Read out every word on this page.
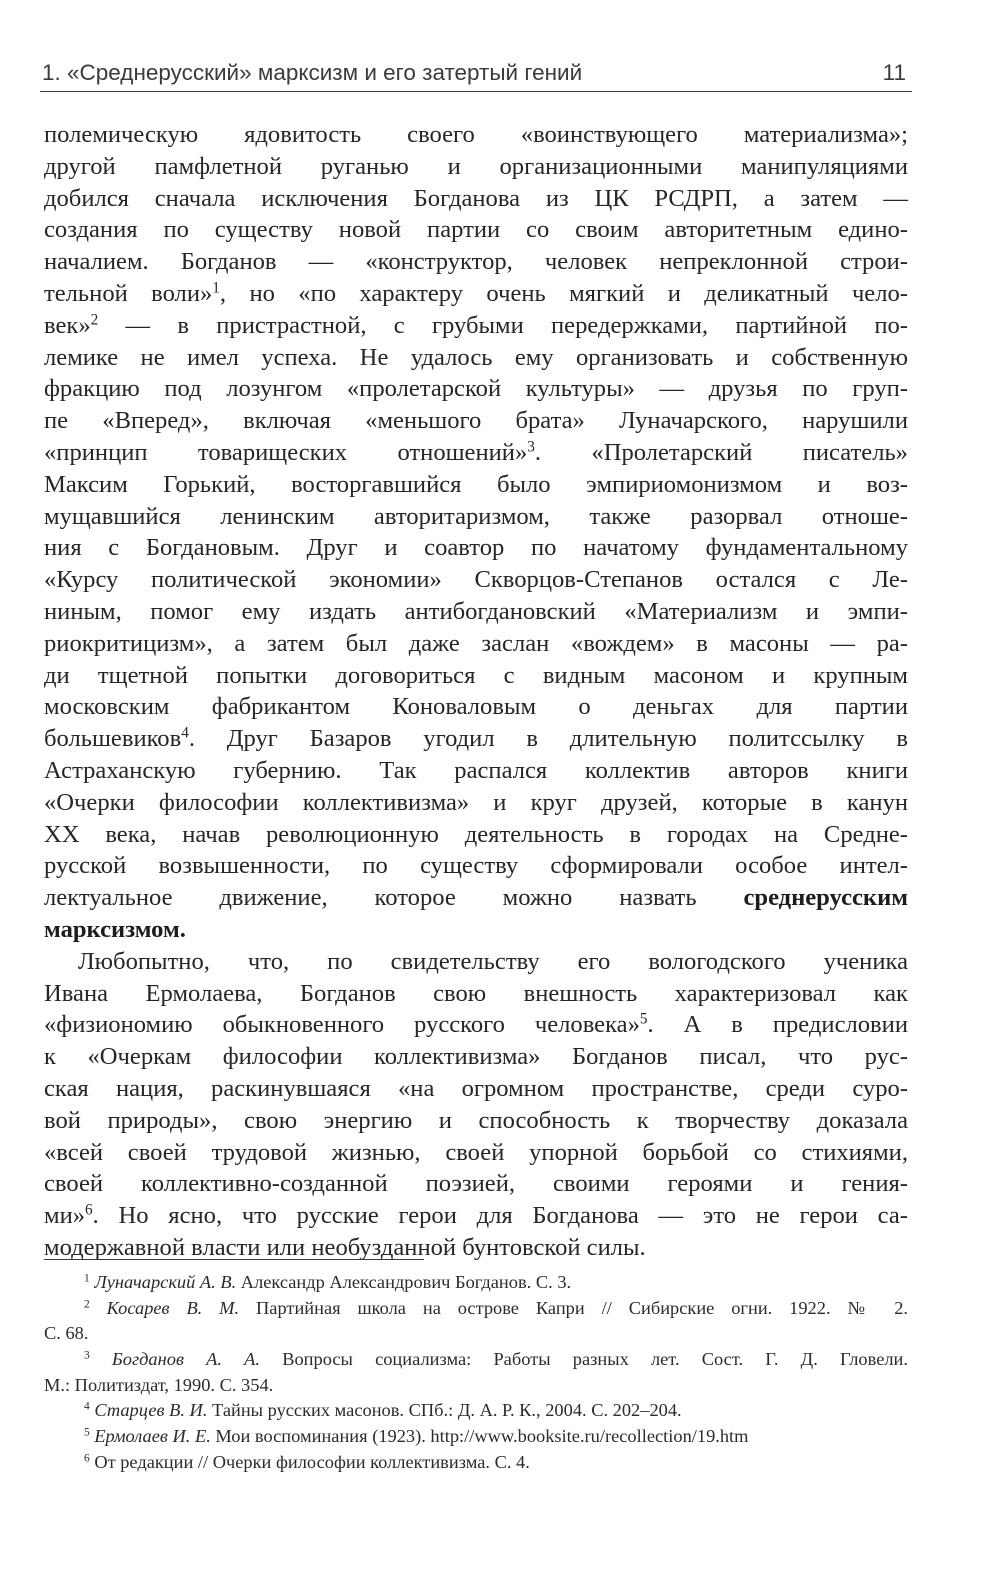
1. «Среднерусский» марксизм и его затертый гений	11
полемическую ядовитость своего «воинствующего материализма»;
другой памфлетной руганью и организационными манипуляциями
добился сначала исключения Богданова из ЦК РСДРП, а затем —
создания по существу новой партии со своим авторитетным едино-
началием. Богданов — «конструктор, человек непреклонной строи-
тельной воли»$^1$, но «по характеру очень мягкий и деликатный чело-
век»$^2$ — в пристрастной, с грубыми передержками, партийной по-
лемике не имел успеха. Не удалось ему организовать и собственную
фракцию под лозунгом «пролетарской культуры» — друзья по груп-
пе «Вперед», включая «меньшого брата» Луначарского, нарушили
«принцип товарищеских отношений»$^3$. «Пролетарский писатель»
Максим Горький, восторгавшийся было эмпириомонизмом и воз-
мущавшийся ленинским авторитаризмом, также разорвал отноше-
ния с Богдановым. Друг и соавтор по начатому фундаментальному
«Курсу политической экономии» Скворцов-Степанов остался с Ле-
ниным, помог ему издать антибогдановский «Материализм и эмпи-
риокритицизм», а затем был даже заслан «вождем» в масоны — ра-
ди тщетной попытки договориться с видным масоном и крупным
московским фабрикантом Коноваловым о деньгах для партии
большевиков$^4$. Друг Базаров угодил в длительную политссылку в
Астраханскую губернию. Так распался коллектив авторов книги
«Очерки философии коллективизма» и круг друзей, которые в канун
XX века, начав революционную деятельность в городах на Средне-
русской возвышенности, по существу сформировали особое интел-
лектуальное движение, которое можно назвать среднерусским
марксизмом.
Любопытно, что, по свидетельству его вологодского ученика
Ивана Ермолаева, Богданов свою внешность характеризовал как
«физиономию обыкновенного русского человека»$^5$. А в предисловии
к «Очеркам философии коллективизма» Богданов писал, что рус-
ская нация, раскинувшаяся «на огромном пространстве, среди суро-
вой природы», свою энергию и способность к творчеству доказала
«всей своей трудовой жизнью, своей упорной борьбой со стихиями,
своей коллективно-созданной поэзией, своими героями и гения-
ми»$^6$. Но ясно, что русские герои для Богданова — это не герои са-
модержавной власти или необузданной бунтовской силы.
$^1$ Луначарский А. В. Александр Александрович Богданов. С. 3.
$^2$ Косарев В. М. Партийная школа на острове Капри // Сибирские огни. 1922. № 2.
С. 68.
$^3$ Богданов А. А. Вопросы социализма: Работы разных лет. Сост. Г. Д. Гловели.
М.: Политиздат, 1990. С. 354.
$^4$ Старцев В. И. Тайны русских масонов. СПб.: Д. А. Р. К., 2004. С. 202–204.
$^5$ Ермолаев И. Е. Мои воспоминания (1923). http://www.booksite.ru/recollection/19.htm
$^6$ От редакции // Очерки философии коллективизма. С. 4.
